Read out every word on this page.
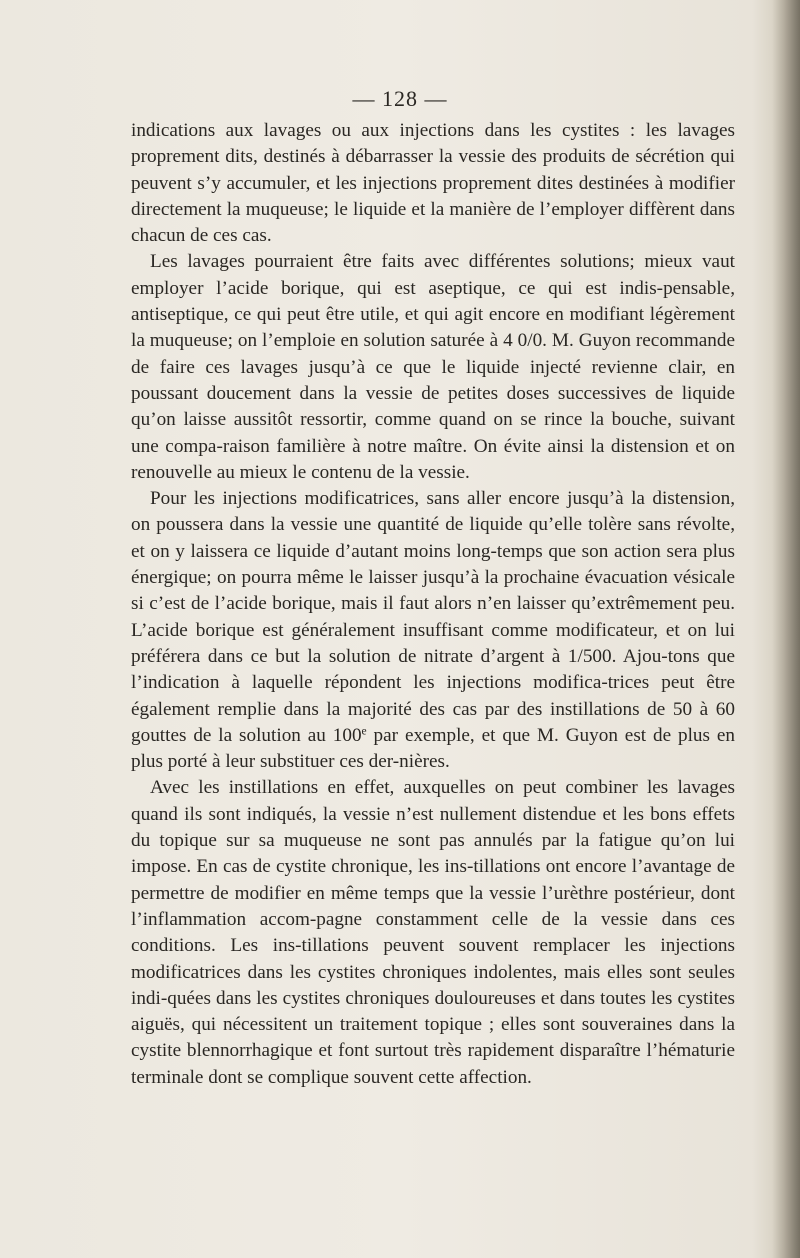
— 128 —

indications aux lavages ou aux injections dans les cystites : les lavages proprement dits, destinés à débarrasser la vessie des produits de sécrétion qui peuvent s’y accumuler, et les injections proprement dites destinées à modifier directement la muqueuse; le liquide et la manière de l’employer diffèrent dans chacun de ces cas.

Les lavages pourraient être faits avec différentes solutions; mieux vaut employer l’acide borique, qui est aseptique, ce qui est indis-pensable, antiseptique, ce qui peut être utile, et qui agit encore en modifiant légèrement la muqueuse; on l’emploie en solution saturée à 4 0/0. M. Guyon recommande de faire ces lavages jusqu’à ce que le liquide injecté revienne clair, en poussant doucement dans la vessie de petites doses successives de liquide qu’on laisse aussitôt ressortir, comme quand on se rince la bouche, suivant une compa-raison familière à notre maître. On évite ainsi la distension et on renouvelle au mieux le contenu de la vessie.

Pour les injections modificatrices, sans aller encore jusqu’à la distension, on poussera dans la vessie une quantité de liquide qu’elle tolère sans révolte, et on y laissera ce liquide d’autant moins long-temps que son action sera plus énergique; on pourra même le laisser jusqu’à la prochaine évacuation vésicale si c’est de l’acide borique, mais il faut alors n’en laisser qu’extrêmement peu. L’acide borique est généralement insuffisant comme modificateur, et on lui préférera dans ce but la solution de nitrate d’argent à 1/500. Ajou-tons que l’indication à laquelle répondent les injections modifica-trices peut être également remplie dans la majorité des cas par des instillations de 50 à 60 gouttes de la solution au 100e par exemple, et que M. Guyon est de plus en plus porté à leur substituer ces der-nières.

Avec les instillations en effet, auxquelles on peut combiner les lavages quand ils sont indiqués, la vessie n’est nullement distendue et les bons effets du topique sur sa muqueuse ne sont pas annulés par la fatigue qu’on lui impose. En cas de cystite chronique, les ins-tillations ont encore l’avantage de permettre de modifier en même temps que la vessie l’urèthre postérieur, dont l’inflammation accom-pagne constamment celle de la vessie dans ces conditions. Les ins-tillations peuvent souvent remplacer les injections modificatrices dans les cystites chroniques indolentes, mais elles sont seules indi-quées dans les cystites chroniques douloureuses et dans toutes les cystites aiguës, qui nécessitent un traitement topique ; elles sont souveraines dans la cystite blennorrhagique et font surtout très rapidement disparaître l’hématurie terminale dont se complique souvent cette affection.
